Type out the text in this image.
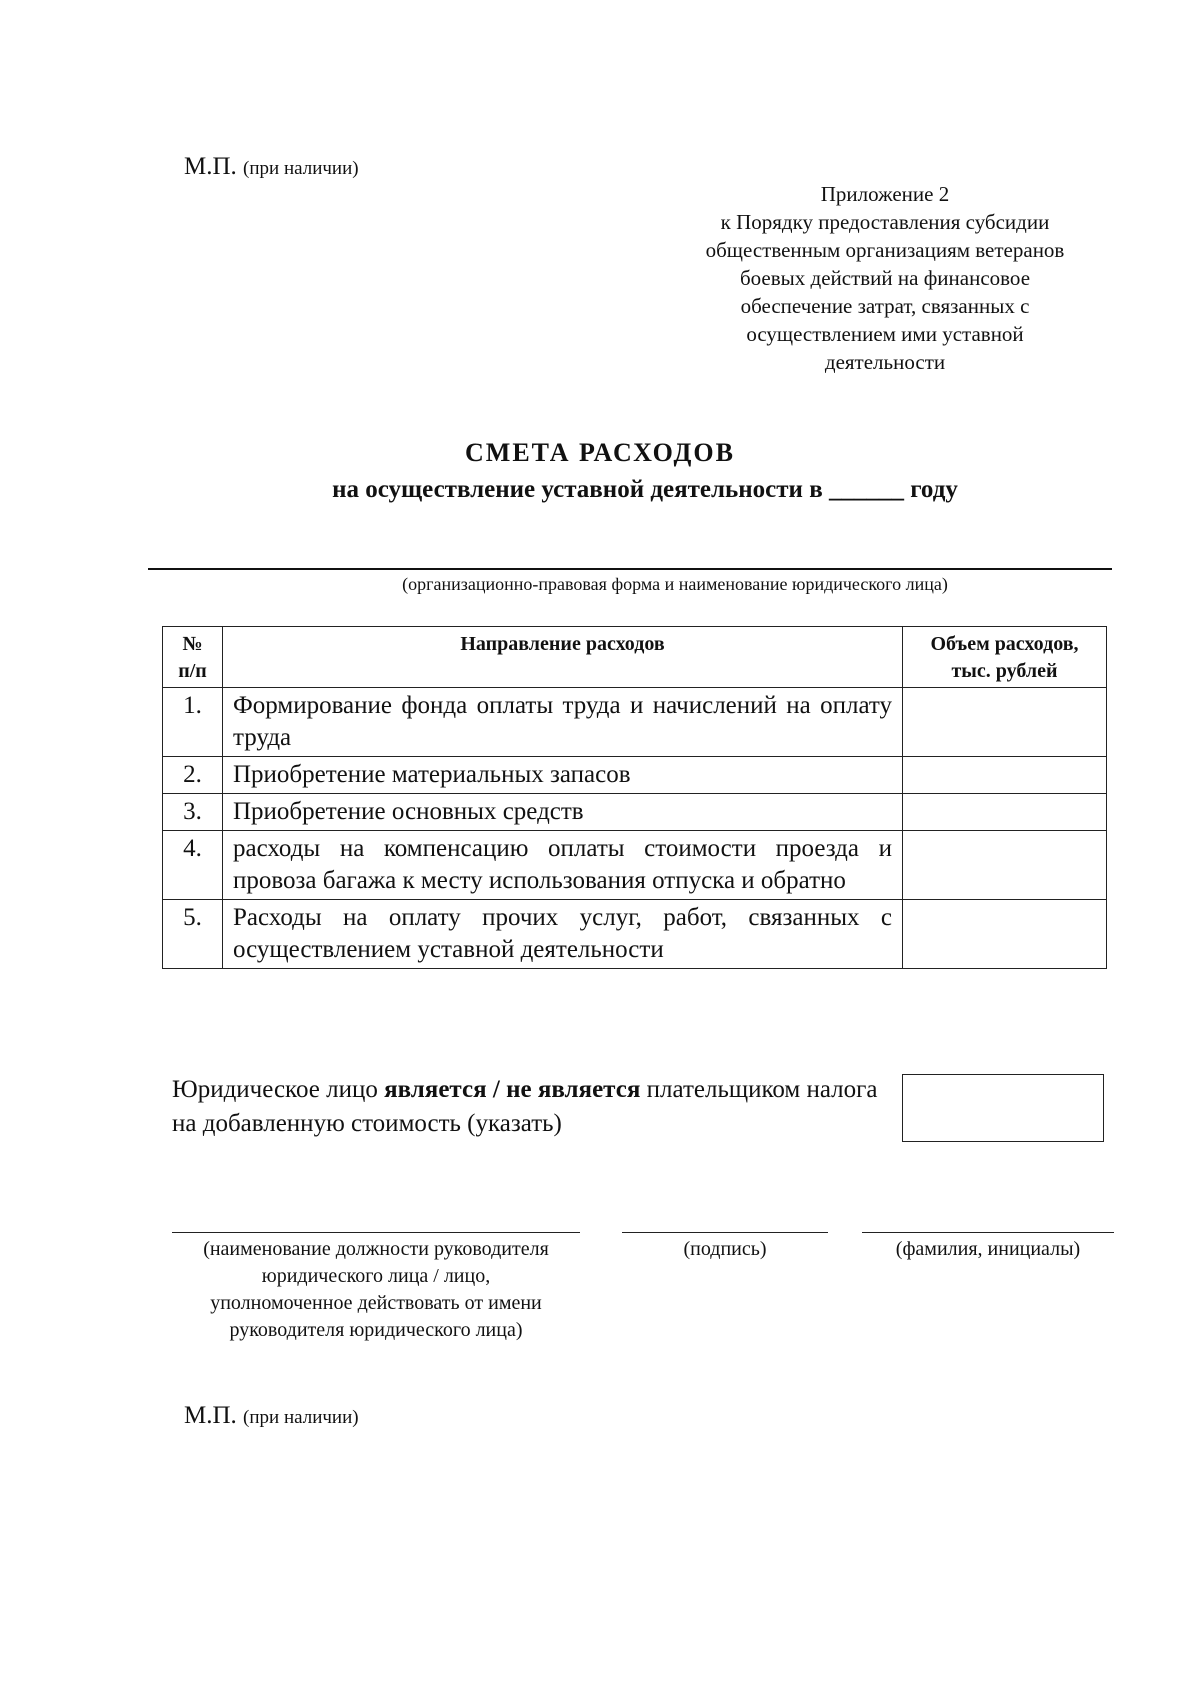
М.П. (при наличии)
Приложение 2
к Порядку предоставления субсидии
общественным организациям ветеранов
боевых действий на финансовое
обеспечение затрат, связанных с
осуществлением ими уставной
деятельности
СМЕТА РАСХОДОВ
на осуществление уставной деятельности в ______ году
(организационно-правовая форма и наименование юридического лица)
№ п/п	Направление расходов	Объем расходов, тыс. рублей
1.	Формирование фонда оплаты труда и начислений на оплату труда	
2.	Приобретение материальных запасов	
3.	Приобретение основных средств	
4.	расходы на компенсацию оплаты стоимости проезда и провоза багажа к месту использования отпуска и обратно	
5.	Расходы на оплату прочих услуг, работ, связанных с осуществлением уставной деятельности	
Юридическое лицо является / не является плательщиком налога на добавленную стоимость (указать)
(наименование должности руководителя юридического лица / лицо, уполномоченное действовать от имени руководителя юридического лица)
(подпись)	(фамилия, инициалы)
М.П. (при наличии)
